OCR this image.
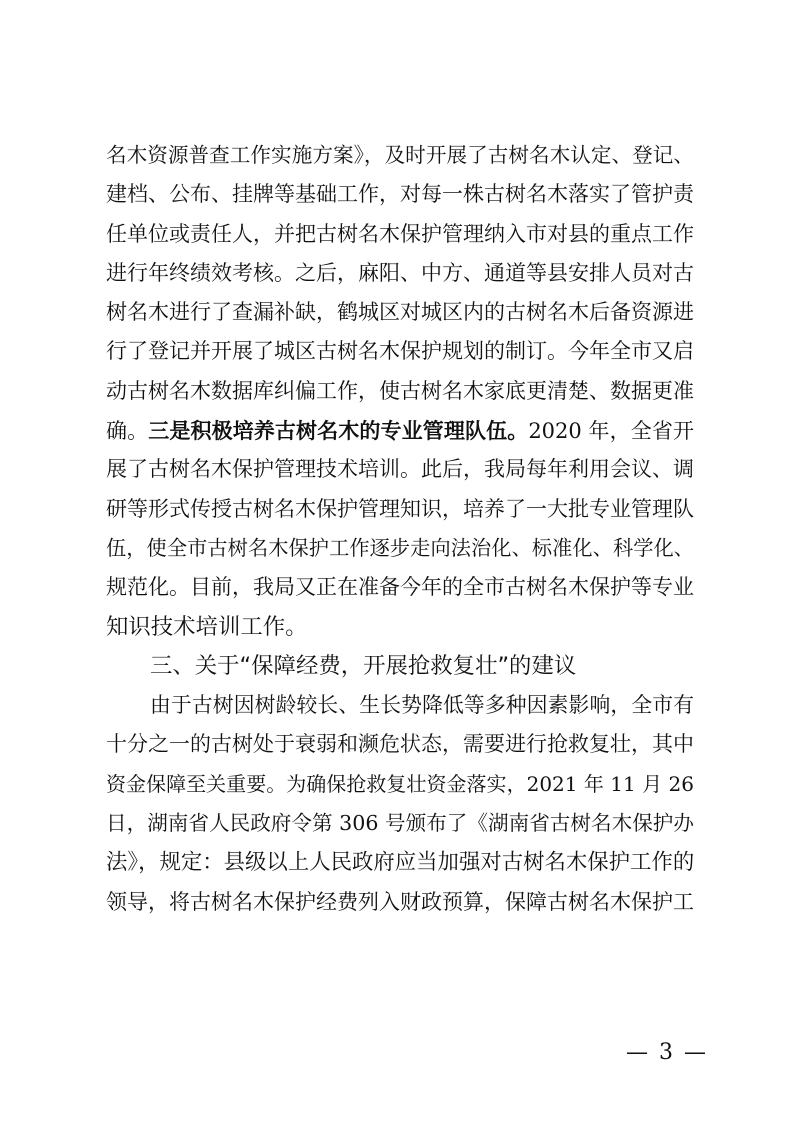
名木资源普查工作实施方案》，及时开展了古树名木认定、登记、
建档、公布、挂牌等基础工作，对每一株古树名木落实了管护责
任单位或责任人，并把古树名木保护管理纳入市对县的重点工作
进行年终绩效考核。之后，麻阳、中方、通道等县安排人员对古
树名木进行了查漏补缺，鹤城区对城区内的古树名木后备资源进
行了登记并开展了城区古树名木保护规划的制订。今年全市又启
动古树名木数据库纠偏工作，使古树名木家底更清楚、数据更准
确。三是积极培养古树名木的专业管理队伍。2020 年，全省开
展了古树名木保护管理技术培训。此后，我局每年利用会议、调
研等形式传授古树名木保护管理知识，培养了一大批专业管理队
伍，使全市古树名木保护工作逐步走向法治化、标准化、科学化、
规范化。目前，我局又正在准备今年的全市古树名木保护等专业
知识技术培训工作。
三、关于“保障经费，开展抢救复壮”的建议
由于古树因树龄较长、生长势降低等多种因素影响，全市有
十分之一的古树处于衰弱和濒危状态，需要进行抢救复壮，其中
资金保障至关重要。为确保抢救复壮资金落实，2021 年 11 月 26
日，湖南省人民政府令第 306 号颁布了《湖南省古树名木保护办
法》，规定：县级以上人民政府应当加强对古树名木保护工作的
领导，将古树名木保护经费列入财政预算，保障古树名木保护工
— 3 —
